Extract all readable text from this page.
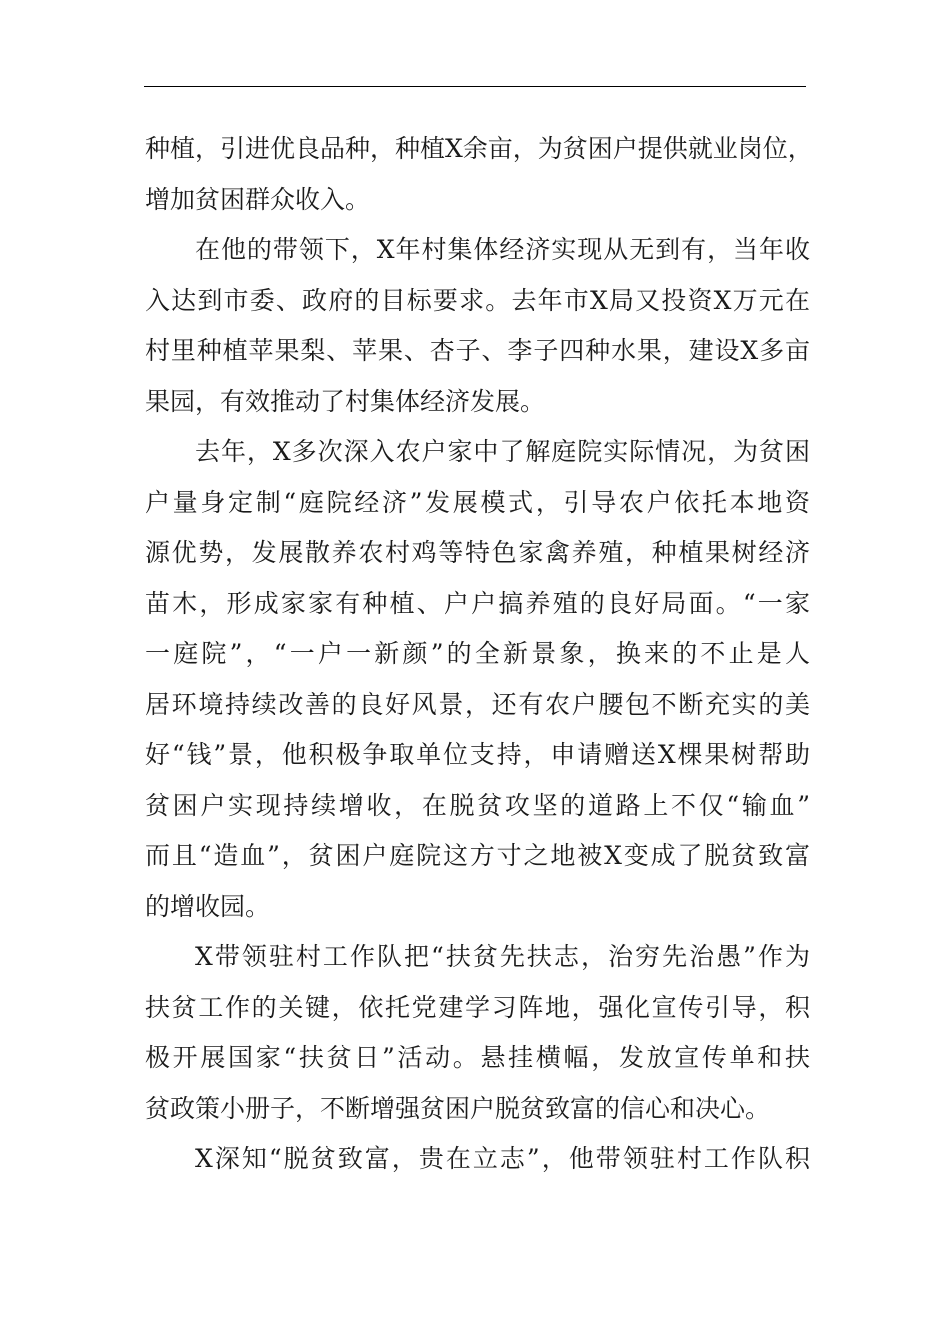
种植，引进优良品种，种植X余亩，为贫困户提供就业岗位，
增加贫困群众收入。
在他的带领下，X年村集体经济实现从无到有，当年收
入达到市委、政府的目标要求。去年市X局又投资X万元在
村里种植苹果梨、苹果、杏子、李子四种水果，建设X多亩
果园，有效推动了村集体经济发展。
去年，X多次深入农户家中了解庭院实际情况，为贫困
户量身定制“庭院经济”发展模式，引导农户依托本地资
源优势，发展散养农村鸡等特色家禽养殖，种植果树经济
苗木，形成家家有种植、户户搞养殖的良好局面。“一家
一庭院”，“一户一新颜”的全新景象，换来的不止是人
居环境持续改善的良好风景，还有农户腰包不断充实的美
好“钱”景，他积极争取单位支持，申请赠送X棵果树帮助
贫困户实现持续增收，在脱贫攻坚的道路上不仅“输血”
而且“造血”，贫困户庭院这方寸之地被X变成了脱贫致富
的增收园。
X带领驻村工作队把“扶贫先扶志，治穷先治愚”作为
扶贫工作的关键，依托党建学习阵地，强化宣传引导，积
极开展国家“扶贫日”活动。悬挂横幅，发放宣传单和扶
贫政策小册子，不断增强贫困户脱贫致富的信心和决心。
X深知“脱贫致富，贵在立志”，他带领驻村工作队积
